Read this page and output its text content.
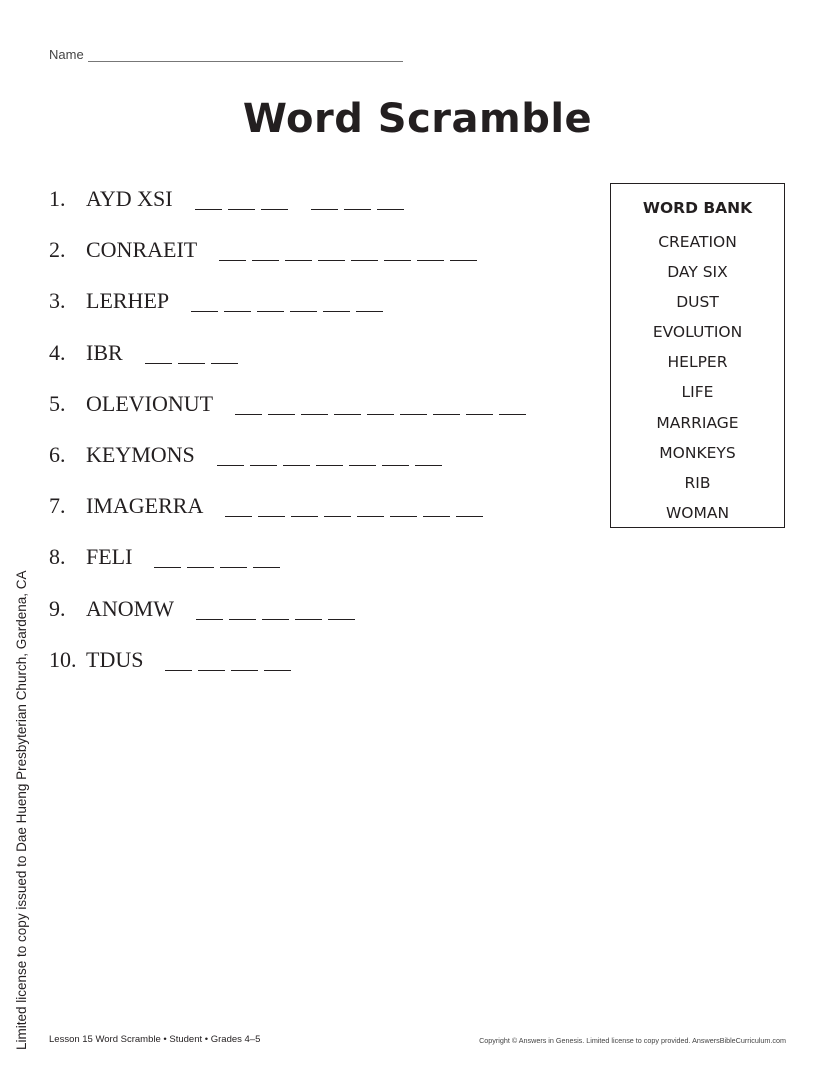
Name
Word Scramble
1. AYD XSI
2. CONRAEIT
3. LERHEP
4. IBR
5. OLEVIONUT
6. KEYMONS
7. IMAGERRA
8. FELI
9. ANOMW
10. TDUS
WORD BANK
CREATION
DAY SIX
DUST
EVOLUTION
HELPER
LIFE
MARRIAGE
MONKEYS
RIB
WOMAN
Limited license to copy issued to Dae Hueng Presbyterian Church, Gardena, CA Lesson 15 Word Scramble • Student • Grades 4–5	Copyright © Answers in Genesis. Limited license to copy provided. AnswersBibleCurriculum.com
